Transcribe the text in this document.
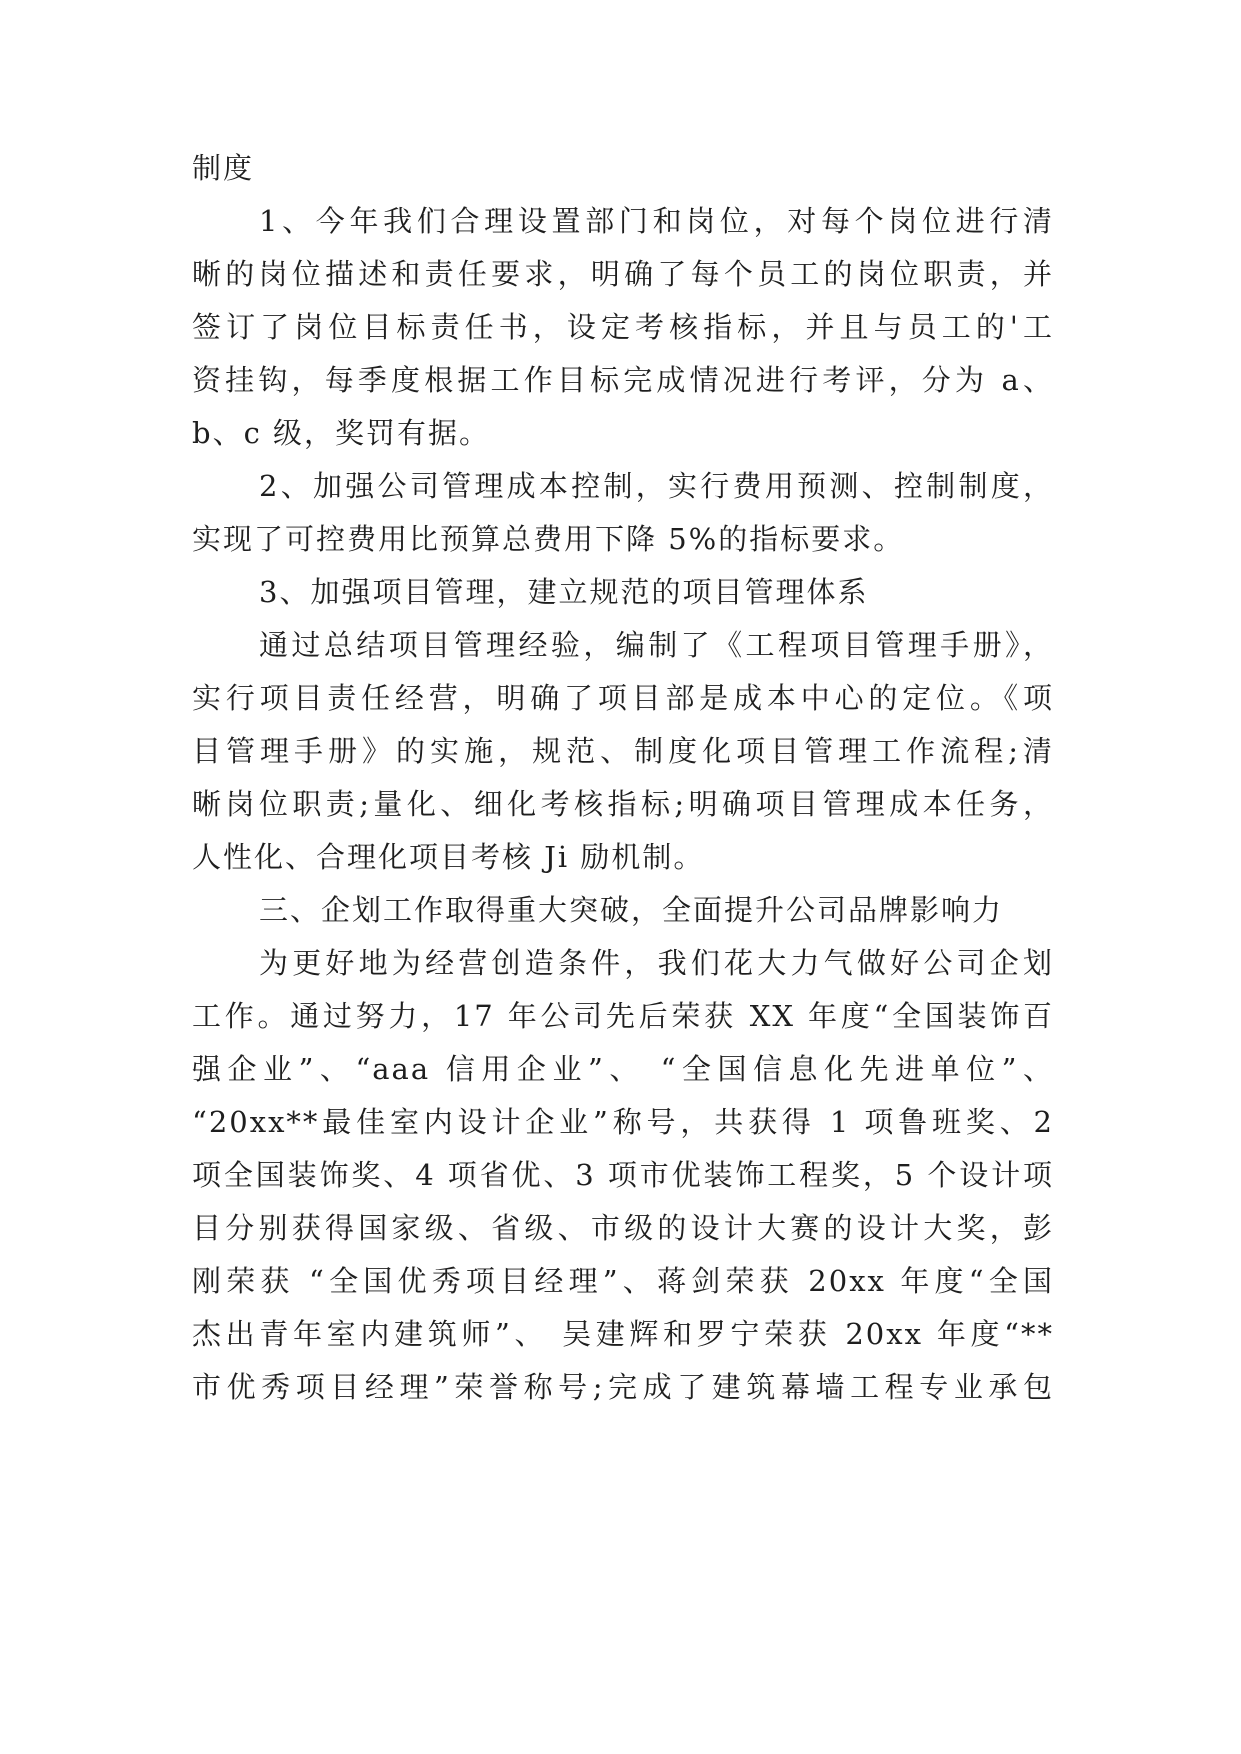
制度
1、今年我们合理设置部门和岗位，对每个岗位进行清
晰的岗位描述和责任要求，明确了每个员工的岗位职责，并
签订了岗位目标责任书，设定考核指标，并且与员工的'工
资挂钩，每季度根据工作目标完成情况进行考评，分为 a、
b、c 级，奖罚有据。
2、加强公司管理成本控制，实行费用预测、控制制度，
实现了可控费用比预算总费用下降 5%的指标要求。
3、加强项目管理，建立规范的项目管理体系
通过总结项目管理经验，编制了《工程项目管理手册》，
实行项目责任经营，明确了项目部是成本中心的定位。《项
目管理手册》的实施，规范、制度化项目管理工作流程;清
晰岗位职责;量化、细化考核指标;明确项目管理成本任务，
人性化、合理化项目考核 Ji 励机制。
三、企划工作取得重大突破，全面提升公司品牌影响力
为更好地为经营创造条件，我们花大力气做好公司企划
工作。通过努力，17 年公司先后荣获 XX 年度“全国装饰百
强企业”、“aaa 信用企业”、 “全国信息化先进单位”、
“20xx**最佳室内设计企业”称号，共获得 1 项鲁班奖、2
项全国装饰奖、4 项省优、3 项市优装饰工程奖，5 个设计项
目分别获得国家级、省级、市级的设计大赛的设计大奖，彭
刚荣获 “全国优秀项目经理”、蒋剑荣获 20xx 年度“全国
杰出青年室内建筑师”、 吴建辉和罗宁荣获 20xx 年度“**
市优秀项目经理”荣誉称号;完成了建筑幕墙工程专业承包
